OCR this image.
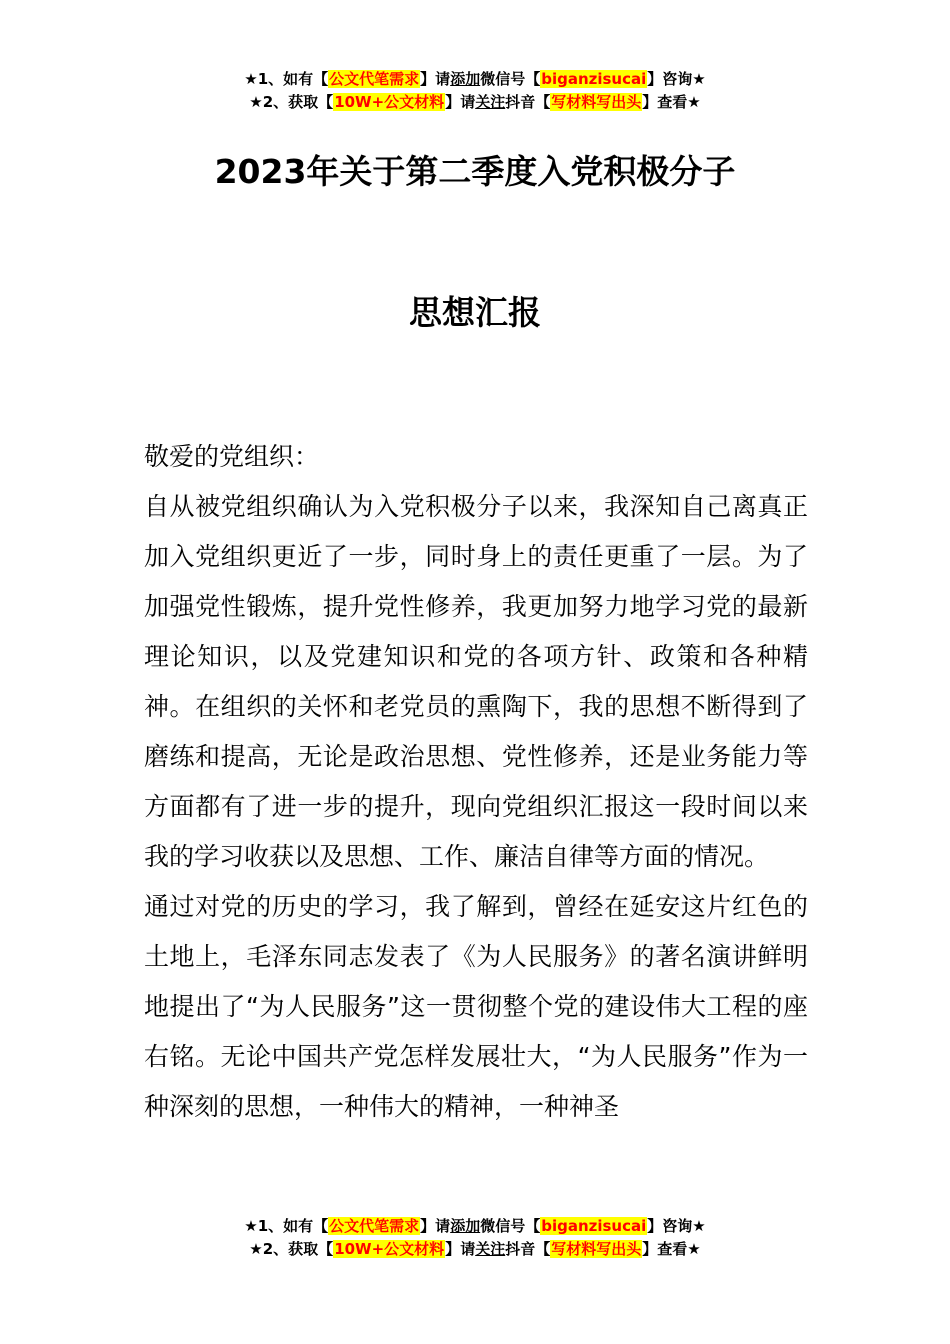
★1、如有【公文代笔需求】请添加微信号【biganzisucai】咨询★
★2、获取【10W+公文材料】请关注抖音【写材料写出头】查看★
2023年关于第二季度入党积极分子
思想汇报

敬爱的党组织：

自从被党组织确认为入党积极分子以来，我深知自己离真正加入党组织更近了一步，同时身上的责任更重了一层。为了加强党性锻炼，提升党性修养，我更加努力地学习党的最新理论知识，以及党建知识和党的各项方针、政策和各种精神。在组织的关怀和老党员的熏陶下，我的思想不断得到了磨练和提高，无论是政治思想、党性修养，还是业务能力等方面都有了进一步的提升，现向党组织汇报这一段时间以来我的学习收获以及思想、工作、廉洁自律等方面的情况。

通过对党的历史的学习，我了解到，曾经在延安这片红色的土地上，毛泽东同志发表了《为人民服务》的著名演讲鲜明地提出了“为人民服务”这一贯彻整个党的建设伟大工程的座右铭。无论中国共产党怎样发展壮大，“为人民服务”作为一种深刻的思想，一种伟大的精神，一种神圣

★1、如有【公文代笔需求】请添加微信号【biganzisucai】咨询★
★2、获取【10W+公文材料】请关注抖音【写材料写出头】查看★
